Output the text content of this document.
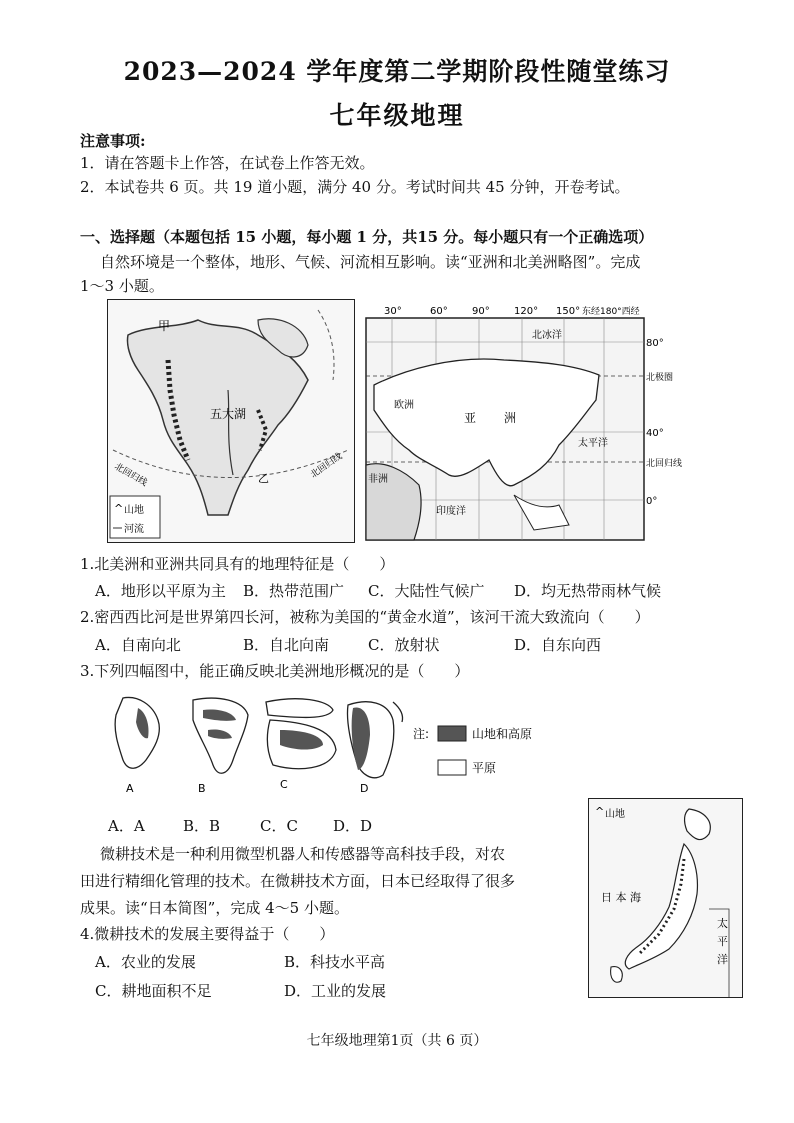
2023—2024 学年度第二学期阶段性随堂练习
七年级地理
注意事项:
1．请在答题卡上作答，在试卷上作答无效。
2．本试卷共 6 页。共 19 道小题，满分 40 分。考试时间共 45 分钟，开卷考试。
一、选择题（本题包括 15 小题，每小题 1 分，共15 分。每小题只有一个正确选项）
自然环境是一个整体，地形、气候、河流相互影响。读“亚洲和北美洲略图”。完成
1～3 小题。
甲
五大湖
乙
北回归线	北回归线
^ 山地
河流
30°	60° 90° 120° 150° 东经180°西经
北冰洋
欧洲
亚 洲
太平洋
非洲
印度洋
80°
北极圈
40°
北回归线
0°
1.北美洲和亚洲共同具有的地理特征是（　　）
A．地形以平原为主 B．热带范围广 C．大陆性气候广 D．均无热带雨林气候
2.密西西比河是世界第四长河，被称为美国的“黄金水道”，该河干流大致流向（　　）
A．自南向北	B．自北向南	C．放射状	D．自东向西
3.下列四幅图中，能正确反映北美洲地形概况的是（　　）
A	B	C	D
注:	山地和高原
平原
A．A	B．B	C．C D．D
微耕技术是一种利用微型机器人和传感器等高科技手段，对农
田进行精细化管理的技术。在微耕技术方面，日本已经取得了很多
成果。读“日本简图”，完成 4～5 小题。
^ 山地
日 本 海
太
平
洋
4.微耕技术的发展主要得益于（　　）
A．农业的发展	B．科技水平高
C．耕地面积不足	D．工业的发展
七年级地理第1页（共 6 页）
